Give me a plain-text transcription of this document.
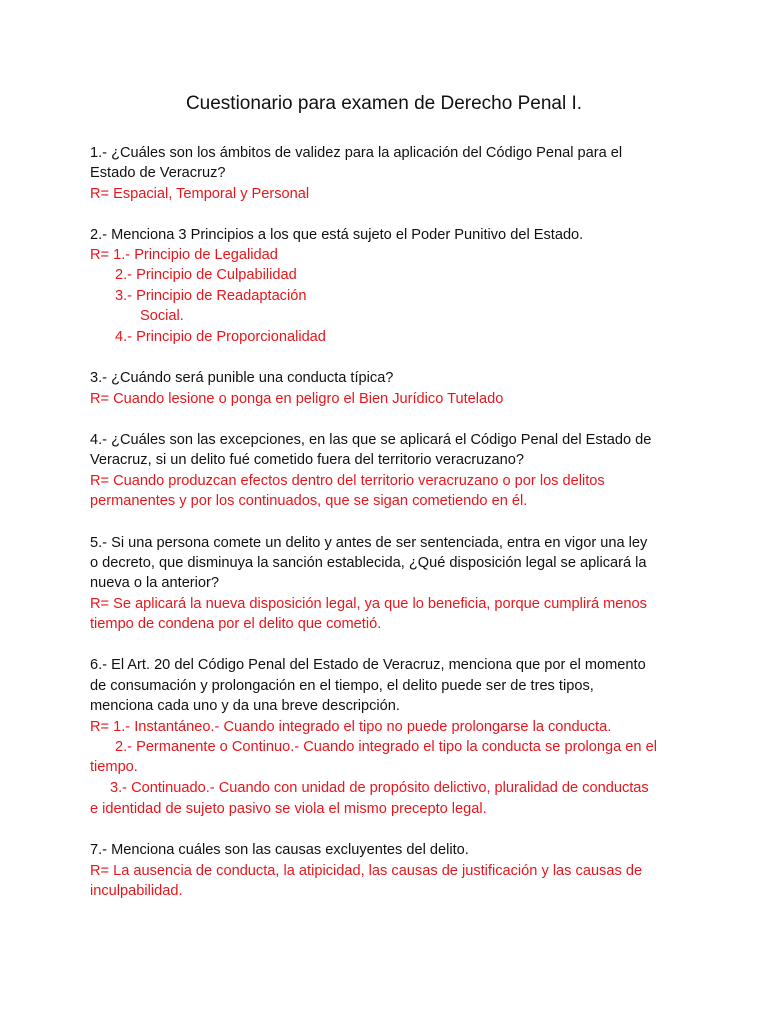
Cuestionario para examen de Derecho Penal I.
1.- ¿Cuáles son los ámbitos de validez para la aplicación del Código Penal para el
Estado de Veracruz?
R= Espacial, Temporal y Personal
2.- Menciona 3 Principios a los que está sujeto el Poder Punitivo del Estado.
R= 1.- Principio de Legalidad
2.- Principio de Culpabilidad
3.- Principio de Readaptación
Social.
4.- Principio de Proporcionalidad
3.- ¿Cuándo será punible una conducta típica?
R= Cuando lesione o ponga en peligro el Bien Jurídico Tutelado
4.- ¿Cuáles son las excepciones, en las que se aplicará el Código Penal del Estado de
Veracruz, si un delito fué cometido fuera del territorio veracruzano?
R= Cuando produzcan efectos dentro del territorio veracruzano o por los delitos
permanentes y por los continuados, que se sigan cometiendo en él.
5.- Si una persona comete un delito y antes de ser sentenciada, entra en vigor una ley
o decreto, que disminuya la sanción establecida, ¿Qué disposición legal se aplicará la
nueva o la anterior?
R= Se aplicará la nueva disposición legal, ya que lo beneficia, porque cumplirá menos
tiempo de condena por el delito que cometió.
6.- El Art. 20 del Código Penal del Estado de Veracruz, menciona que por el momento
de consumación y prolongación en el tiempo, el delito puede ser de tres tipos,
menciona cada uno y da una breve descripción.
R= 1.- Instantáneo.- Cuando integrado el tipo no puede prolongarse la conducta.
2.- Permanente o Continuo.- Cuando integrado el tipo la conducta se prolonga en el
tiempo.
3.- Continuado.- Cuando con unidad de propósito delictivo, pluralidad de conductas
e identidad de sujeto pasivo se viola el mismo precepto legal.
7.- Menciona cuáles son las causas excluyentes del delito.
R= La ausencia de conducta, la atipicidad, las causas de justificación y las causas de
inculpabilidad.
